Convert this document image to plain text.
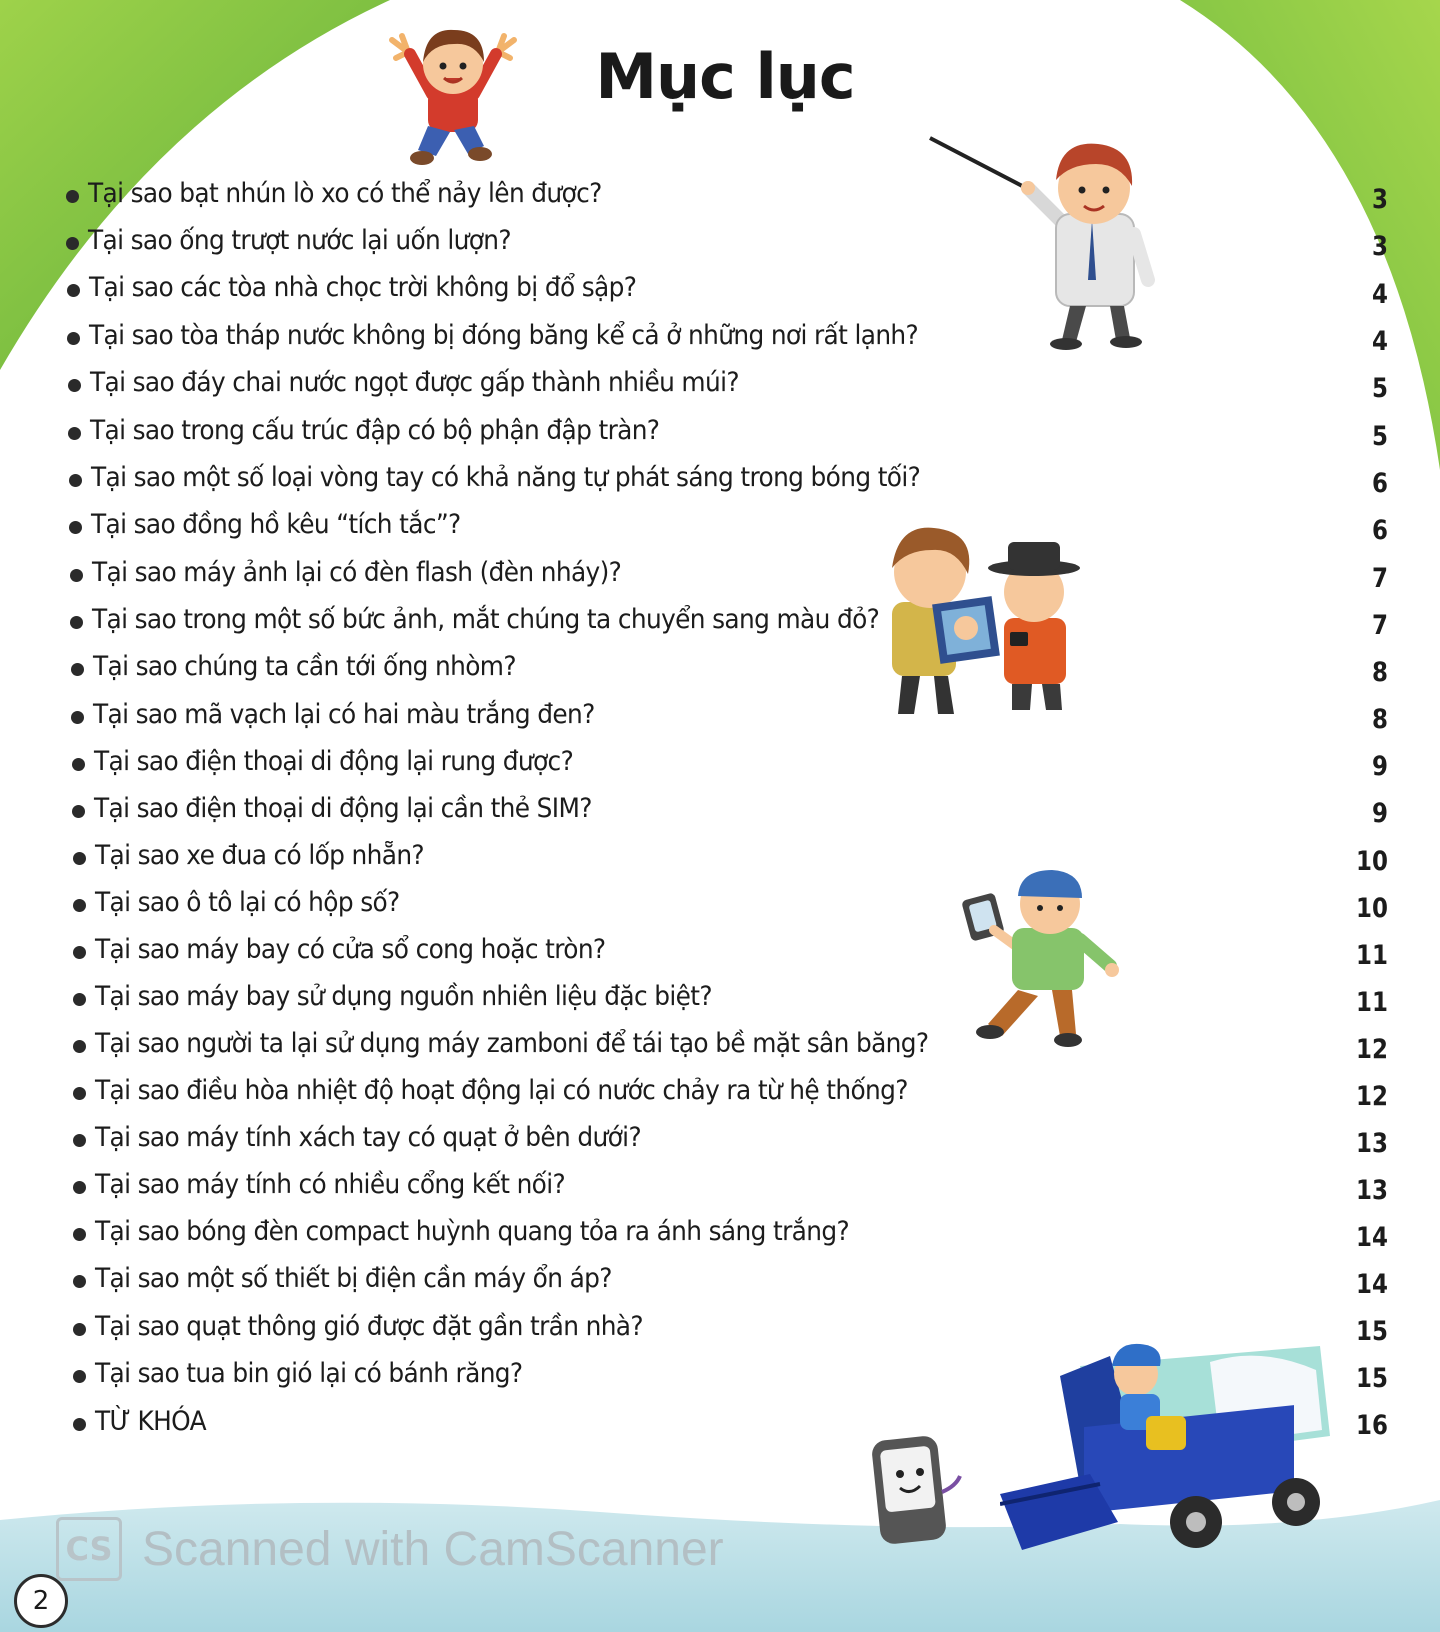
Mục lục
Tại sao bạt nhún lò xo có thể nảy lên được?
Tại sao ống trượt nước lại uốn lượn?
Tại sao các tòa nhà chọc trời không bị đổ sập?
Tại sao tòa tháp nước không bị đóng băng kể cả ở những nơi rất lạnh?
Tại sao đáy chai nước ngọt được gấp thành nhiều múi?
Tại sao trong cấu trúc đập có bộ phận đập tràn?
Tại sao một số loại vòng tay có khả năng tự phát sáng trong bóng tối?
Tại sao đồng hồ kêu “tích tắc”?
Tại sao máy ảnh lại có đèn flash (đèn nháy)?
Tại sao trong một số bức ảnh, mắt chúng ta chuyển sang màu đỏ?
Tại sao chúng ta cần tới ống nhòm?
Tại sao mã vạch lại có hai màu trắng đen?
Tại sao điện thoại di động lại rung được?
Tại sao điện thoại di động lại cần thẻ SIM?
Tại sao xe đua có lốp nhẵn?
Tại sao ô tô lại có hộp số?
Tại sao máy bay có cửa sổ cong hoặc tròn?
Tại sao máy bay sử dụng nguồn nhiên liệu đặc biệt?
Tại sao người ta lại sử dụng máy zamboni để tái tạo bề mặt sân băng?
Tại sao điều hòa nhiệt độ hoạt động lại có nước chảy ra từ hệ thống?
Tại sao máy tính xách tay có quạt ở bên dưới?
Tại sao máy tính có nhiều cổng kết nối?
Tại sao bóng đèn compact huỳnh quang tỏa ra ánh sáng trắng?
Tại sao một số thiết bị điện cần máy ổn áp?
Tại sao quạt thông gió được đặt gần trần nhà?
Tại sao tua bin gió lại có bánh răng?
TỪ KHÓA
3
3
4
4
5
5
6
6
7
7
8
8
9
9
10
10
11
11
12
12
13
13
14
14
15
15
16
CS Scanned with CamScanner
2
